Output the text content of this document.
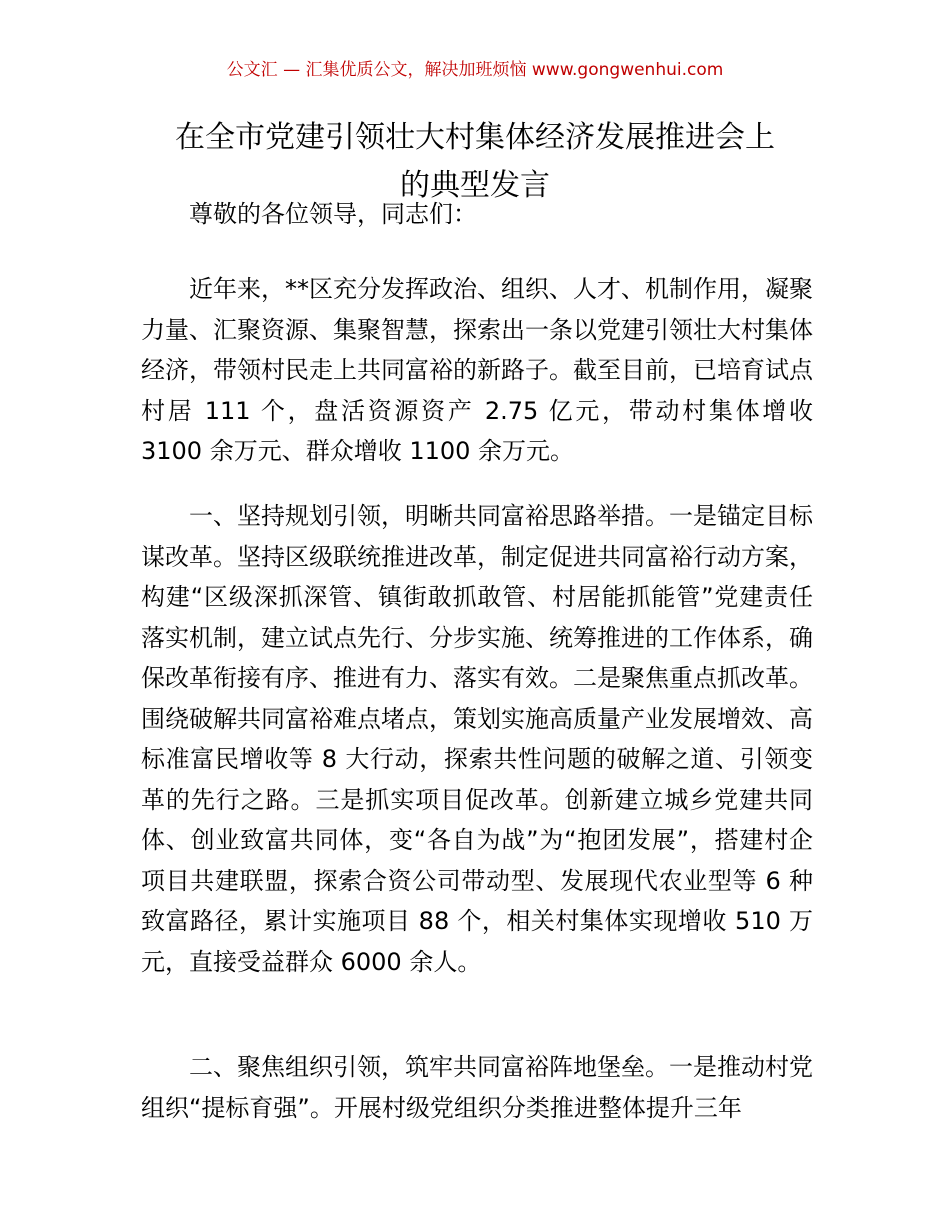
公文汇 — 汇集优质公文，解决加班烦恼 www.gongwenhui.com
在全市党建引领壮大村集体经济发展推进会上
的典型发言

尊敬的各位领导，同志们：

近年来，**区充分发挥政治、组织、人才、机制作用，凝聚力量、汇聚资源、集聚智慧，探索出一条以党建引领壮大村集体经济，带领村民走上共同富裕的新路子。截至目前，已培育试点村居 111 个，盘活资源资产 2.75 亿元，带动村集体增收 3100 余万元、群众增收 1100 余万元。

一、坚持规划引领，明晰共同富裕思路举措。一是锚定目标谋改革。坚持区级联统推进改革，制定促进共同富裕行动方案，构建“区级深抓深管、镇街敢抓敢管、村居能抓能管”党建责任落实机制，建立试点先行、分步实施、统筹推进的工作体系，确保改革衔接有序、推进有力、落实有效。二是聚焦重点抓改革。围绕破解共同富裕难点堵点，策划实施高质量产业发展增效、高标准富民增收等 8 大行动，探索共性问题的破解之道、引领变革的先行之路。三是抓实项目促改革。创新建立城乡党建共同体、创业致富共同体，变“各自为战”为“抱团发展”，搭建村企项目共建联盟，探索合资公司带动型、发展现代农业型等 6 种致富路径，累计实施项目 88 个，相关村集体实现增收 510 万元，直接受益群众 6000 余人。

二、聚焦组织引领，筑牢共同富裕阵地堡垒。一是推动村党组织“提标育强”。开展村级党组织分类推进整体提升三年
